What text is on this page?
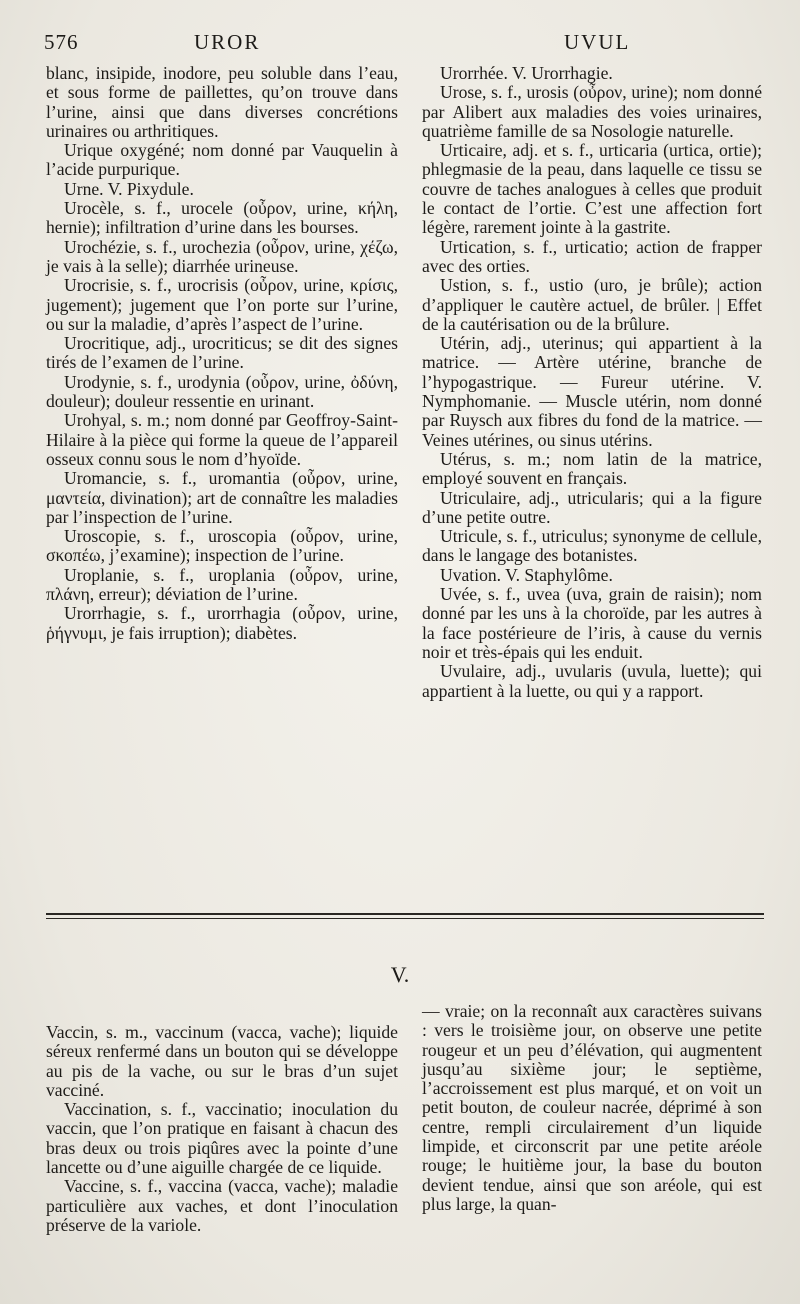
576	UROR	UVUL

blanc, insipide, inodore, peu soluble dans l’eau, et sous forme de paillettes, qu’on trouve dans l’urine, ainsi que dans diverses concrétions urinaires ou arthritiques.

Urique oxygéné; nom donné par Vauquelin à l’acide purpurique.

Urne. V. Pixydule.

Urocèle, s. f., urocele (οὖρον, urine, κήλη, hernie); infiltration d’urine dans les bourses.

Urochézie, s. f., urochezia (οὖρον, urine, χέζω, je vais à la selle); diarrhée urineuse.

Urocrisie, s. f., urocrisis (οὖρον, urine, κρίσις, jugement); jugement que l’on porte sur l’urine, ou sur la maladie, d’après l’aspect de l’urine.

Urocritique, adj., urocriticus; se dit des signes tirés de l’examen de l’urine.

Urodynie, s. f., urodynia (οὖρον, urine, ὀδύνη, douleur); douleur ressentie en urinant.

Urohyal, s. m.; nom donné par Geoffroy-Saint-Hilaire à la pièce qui forme la queue de l’appareil osseux connu sous le nom d’hyoïde.

Uromancie, s. f., uromantia (οὖρον, urine, μαντεία, divination); art de connaître les maladies par l’inspection de l’urine.

Uroscopie, s. f., uroscopia (οὖρον, urine, σκοπέω, j’examine); inspection de l’urine.

Uroplanie, s. f., uroplania (οὖρον, urine, πλάνη, erreur); déviation de l’urine.

Urorrhagie, s. f., urorrhagia (οὖρον, urine, ῥήγνυμι, je fais irruption); diabètes.

Urorrhée. V. Urorrhagie.

Urose, s. f., urosis (οὖρον, urine); nom donné par Alibert aux maladies des voies urinaires, quatrième famille de sa Nosologie naturelle.

Urticaire, adj. et s. f., urticaria (urtica, ortie); phlegmasie de la peau, dans laquelle ce tissu se couvre de taches analogues à celles que produit le contact de l’ortie. C’est une affection fort légère, rarement jointe à la gastrite.

Urtication, s. f., urticatio; action de frapper avec des orties.

Ustion, s. f., ustio (uro, je brûle); action d’appliquer le cautère actuel, de brûler. | Effet de la cautérisation ou de la brûlure.

Utérin, adj., uterinus; qui appartient à la matrice. — Artère utérine, branche de l’hypogastrique. — Fureur utérine. V. Nymphomanie. — Muscle utérin, nom donné par Ruysch aux fibres du fond de la matrice. — Veines utérines, ou sinus utérins.

Utérus, s. m.; nom latin de la matrice, employé souvent en français.

Utriculaire, adj., utricularis; qui a la figure d’une petite outre.

Utricule, s. f., utriculus; synonyme de cellule, dans le langage des botanistes.

Uvation. V. Staphylôme.

Uvée, s. f., uvea (uva, grain de raisin); nom donné par les uns à la choroïde, par les autres à la face postérieure de l’iris, à cause du vernis noir et très-épais qui les enduit.

Uvulaire, adj., uvularis (uvula, luette); qui appartient à la luette, ou qui y a rapport.

V.

Vaccin, s. m., vaccinum (vacca, vache); liquide séreux renfermé dans un bouton qui se développe au pis de la vache, ou sur le bras d’un sujet vacciné.

Vaccination, s. f., vaccinatio; inoculation du vaccin, que l’on pratique en faisant à chacun des bras deux ou trois piqûres avec la pointe d’une lancette ou d’une aiguille chargée de ce liquide.

Vaccine, s. f., vaccina (vacca, vache); maladie particulière aux vaches, et dont l’inoculation préserve de la variole.

— vraie; on la reconnaît aux caractères suivans : vers le troisième jour, on observe une petite rougeur et un peu d’élévation, qui augmentent jusqu’au sixième jour; le septième, l’accroissement est plus marqué, et on voit un petit bouton, de couleur nacrée, déprimé à son centre, rempli circulairement d’un liquide limpide, et circonscrit par une petite aréole rouge; le huitième jour, la base du bouton devient tendue, ainsi que son aréole, qui est plus large, la quan-
